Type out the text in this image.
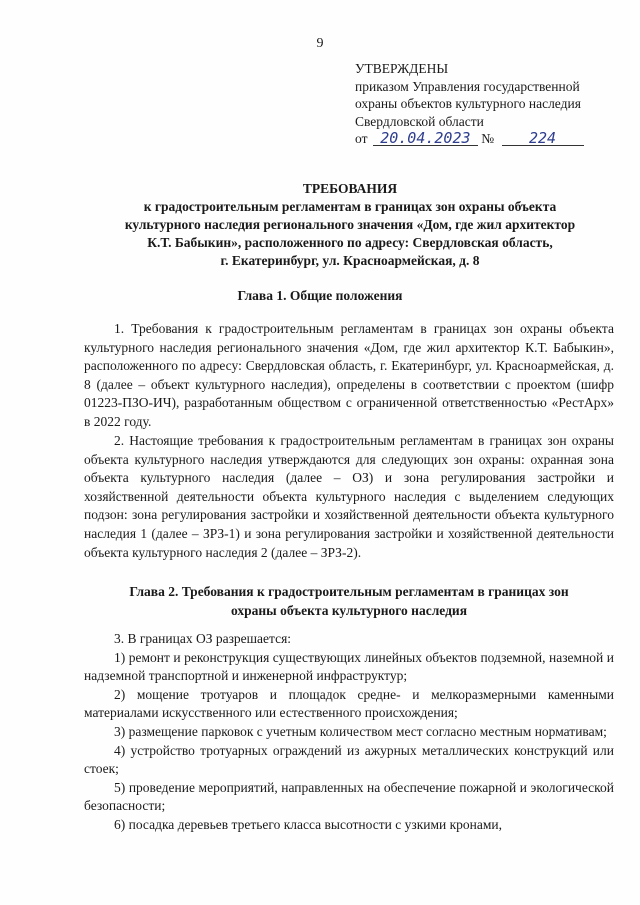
9
УТВЕРЖДЕНЫ
приказом Управления государственной
охраны объектов культурного наследия
Свердловской области
от 20.04.2023 № 224
ТРЕБОВАНИЯ
к градостроительным регламентам в границах зон охраны объекта
культурного наследия регионального значения «Дом, где жил архитектор
К.Т. Бабыкин», расположенного по адресу: Свердловская область,
г. Екатеринбург, ул. Красноармейская, д. 8
Глава 1. Общие положения

1. Требования к градостроительным регламентам в границах зон охраны объекта культурного наследия регионального значения «Дом, где жил архитектор К.Т. Бабыкин», расположенного по адресу: Свердловская область, г. Екатеринбург, ул. Красноармейская, д. 8 (далее – объект культурного наследия), определены в соответствии с проектом (шифр 01223-ПЗО-ИЧ), разработанным обществом с ограниченной ответственностью «РестАрх» в 2022 году.

2. Настоящие требования к градостроительным регламентам в границах зон охраны объекта культурного наследия утверждаются для следующих зон охраны: охранная зона объекта культурного наследия (далее – ОЗ) и зона регулирования застройки и хозяйственной деятельности объекта культурного наследия с выделением следующих подзон: зона регулирования застройки и хозяйственной деятельности объекта культурного наследия 1 (далее – ЗРЗ-1) и зона регулирования застройки и хозяйственной деятельности объекта культурного наследия 2 (далее – ЗРЗ-2).

Глава 2. Требования к градостроительным регламентам в границах зон
охраны объекта культурного наследия

3. В границах ОЗ разрешается:

1) ремонт и реконструкция существующих линейных объектов подземной, наземной и надземной транспортной и инженерной инфраструктур;

2) мощение тротуаров и площадок средне- и мелкоразмерными каменными материалами искусственного или естественного происхождения;

3) размещение парковок с учетным количеством мест согласно местным нормативам;

4) устройство тротуарных ограждений из ажурных металлических конструкций или стоек;

5) проведение мероприятий, направленных на обеспечение пожарной и экологической безопасности;

6) посадка деревьев третьего класса высотности с узкими кронами,
